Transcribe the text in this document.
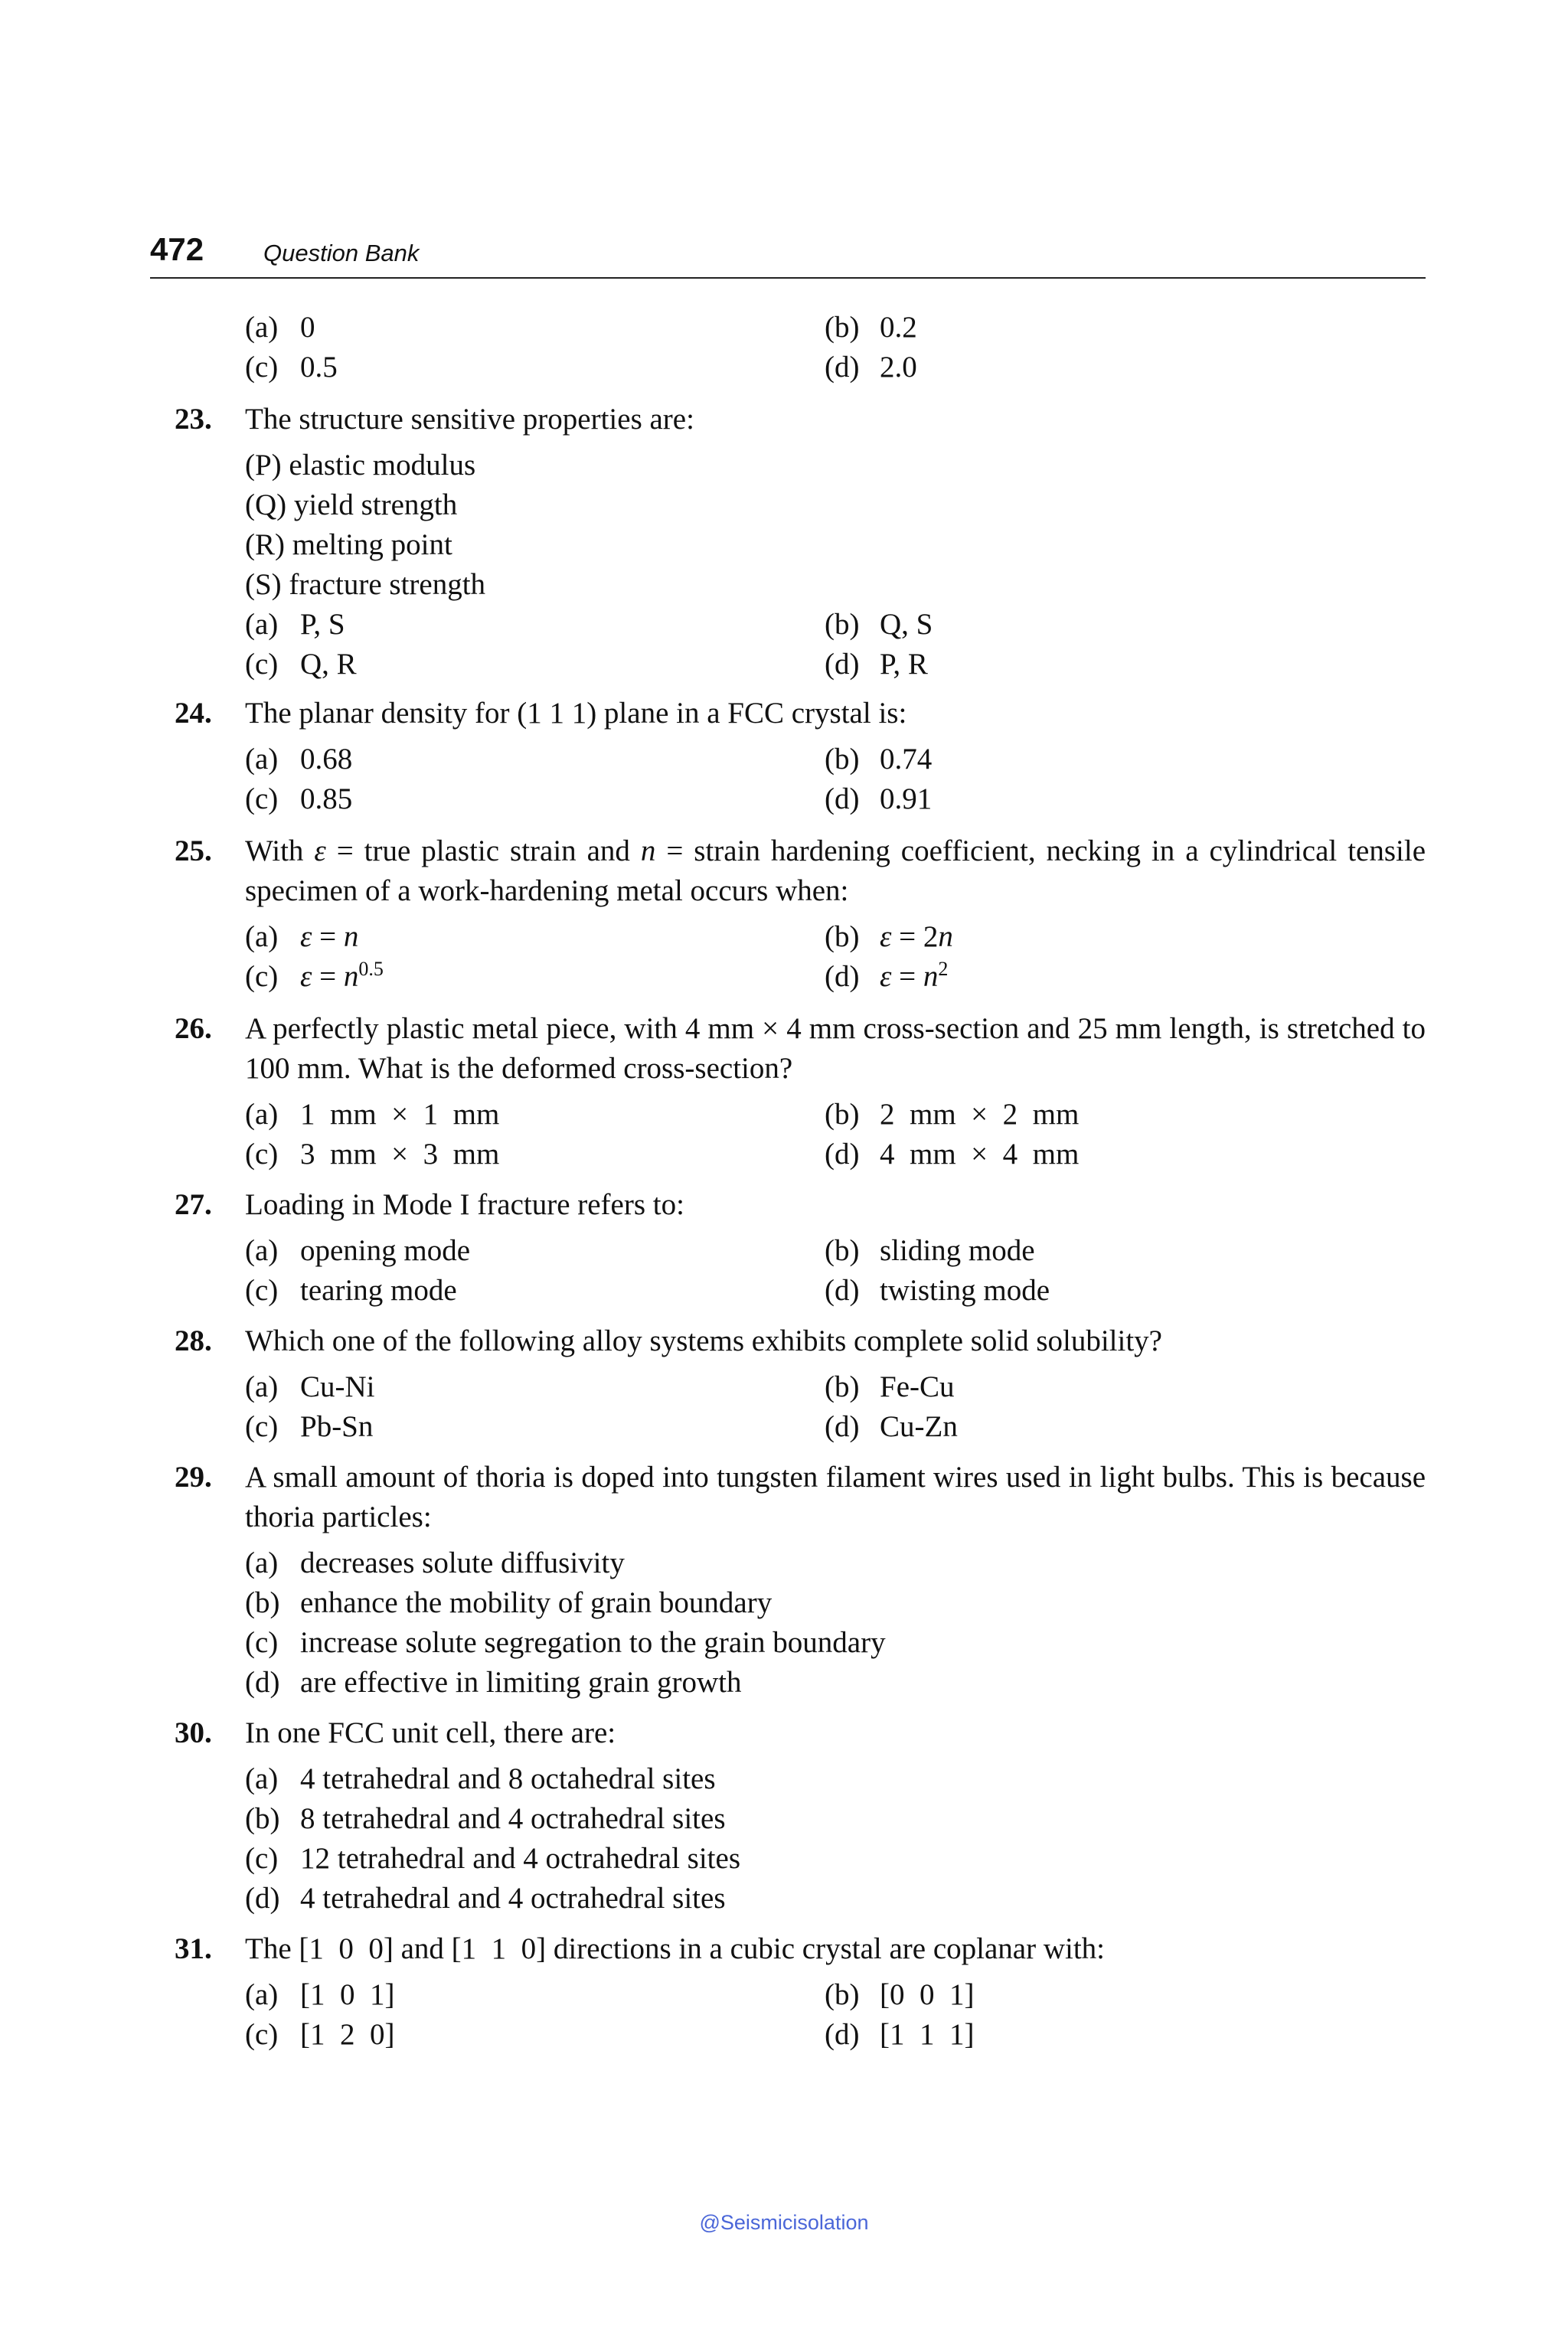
472	Question Bank
(a) 0	(b) 0.2
(c) 0.5	(d) 2.0
23. The structure sensitive properties are:
(P) elastic modulus
(Q) yield strength
(R) melting point
(S) fracture strength
(a) P, S	(b) Q, S
(c) Q, R	(d) P, R
24. The planar density for (1 1 1) plane in a FCC crystal is:
(a) 0.68	(b) 0.74
(c) 0.85	(d) 0.91
25. With ε = true plastic strain and n = strain hardening coefficient, necking in a cylindrical tensile specimen of a work-hardening metal occurs when:
(a) ε = n	(b) ε = 2n
(c) $\varepsilon = n^{0.5}$	(d) $\varepsilon = n^2$
26. A perfectly plastic metal piece, with 4 mm × 4 mm cross-section and 25 mm length, is stretched to 100 mm. What is the deformed cross-section?
(a) 1  mm  ×  1  mm	(b) 2  mm  ×  2  mm
(c) 3  mm  ×  3  mm	(d) 4  mm  ×  4  mm
27. Loading in Mode I fracture refers to:
(a) opening mode	(b) sliding mode
(c) tearing mode	(d) twisting mode
28. Which one of the following alloy systems exhibits complete solid solubility?
(a) Cu-Ni	(b) Fe-Cu
(c) Pb-Sn	(d) Cu-Zn
29. A small amount of thoria is doped into tungsten filament wires used in light bulbs. This is because thoria particles:
(a) decreases solute diffusivity
(b) enhance the mobility of grain boundary
(c) increase solute segregation to the grain boundary
(d) are effective in limiting grain growth
30. In one FCC unit cell, there are:
(a) 4 tetrahedral and 8 octahedral sites
(b) 8 tetrahedral and 4 octrahedral sites
(c) 12 tetrahedral and 4 octrahedral sites
(d) 4 tetrahedral and 4 octrahedral sites
31. The [1  0  0] and [1  1  0] directions in a cubic crystal are coplanar with:
(a) [1  0  1]	(b) [0  0  1]
(c) [1  2  0]	(d) [1  1  1]
@Seismicisolation
